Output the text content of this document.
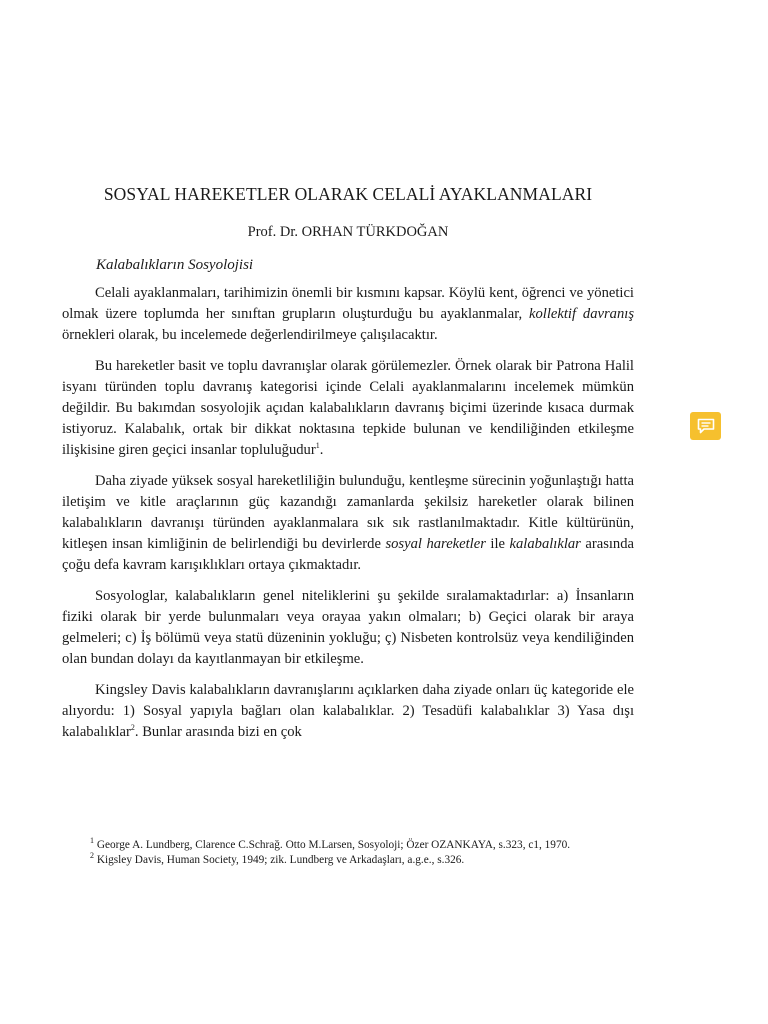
SOSYAL HAREKETLER OLARAK CELALİ AYAKLANMALARI
Prof. Dr. ORHAN TÜRKDOĞAN
Kalabalıkların Sosyolojisi

Celali ayaklanmaları, tarihimizin önemli bir kısmını kapsar. Köylü kent, öğrenci ve yönetici olmak üzere toplumda her sınıftan grupların oluşturduğu bu ayaklanmalar, kollektif davranış örnekleri olarak, bu incelemede değerlendirilmeye çalışılacaktır.

Bu hareketler basit ve toplu davranışlar olarak görülemezler. Örnek olarak bir Patrona Halil isyanı türünden toplu davranış kategorisi içinde Celali ayaklanmalarını incelemek mümkün değildir. Bu bakımdan sosyolojik açıdan kalabalıkların davranış biçimi üzerinde kısaca durmak istiyoruz. Kalabalık, ortak bir dikkat noktasına tepkide bulunan ve kendiliğinden etkileşme ilişkisine giren geçici insanlar topluluğudur$^1$.

Daha ziyade yüksek sosyal hareketliliğin bulunduğu, kentleşme sürecinin yoğunlaştığı hatta iletişim ve kitle araçlarının güç kazandığı zamanlarda şekilsiz hareketler olarak bilinen kalabalıkların davranışı türünden ayaklanmalara sık sık rastlanılmaktadır. Kitle kültürünün, kitleşen insan kimliğinin de belirlendiği bu devirlerde sosyal hareketler ile kalabalıklar arasında çoğu defa kavram karışıklıkları ortaya çıkmaktadır.

Sosyologlar, kalabalıkların genel niteliklerini şu şekilde sıralamaktadırlar: a) İnsanların fiziki olarak bir yerde bulunmaları veya orayaa yakın olmaları; b) Geçici olarak bir araya gelmeleri; c) İş bölümü veya statü düzeninin yokluğu; ç) Nisbeten kontrolsüz veya kendiliğinden olan bundan dolayı da kayıtlanmayan bir etkileşme.

Kingsley Davis kalabalıkların davranışlarını açıklarken daha ziyade onları üç kategoride ele alıyordu: 1) Sosyal yapıyla bağları olan kalabalıklar. 2) Tesadüfi kalabalıklar 3) Yasa dışı kalabalıklar$^2$. Bunlar arasında bizi en çok

$^1$ George A. Lundberg, Clarence C.Schrağ. Otto M.Larsen, Sosyoloji; Özer OZANKAYA, s.323, c1, 1970.

$^2$ Kigsley Davis, Human Society, 1949; zik. Lundberg ve Arkadaşları, a.g.e., s.326.
